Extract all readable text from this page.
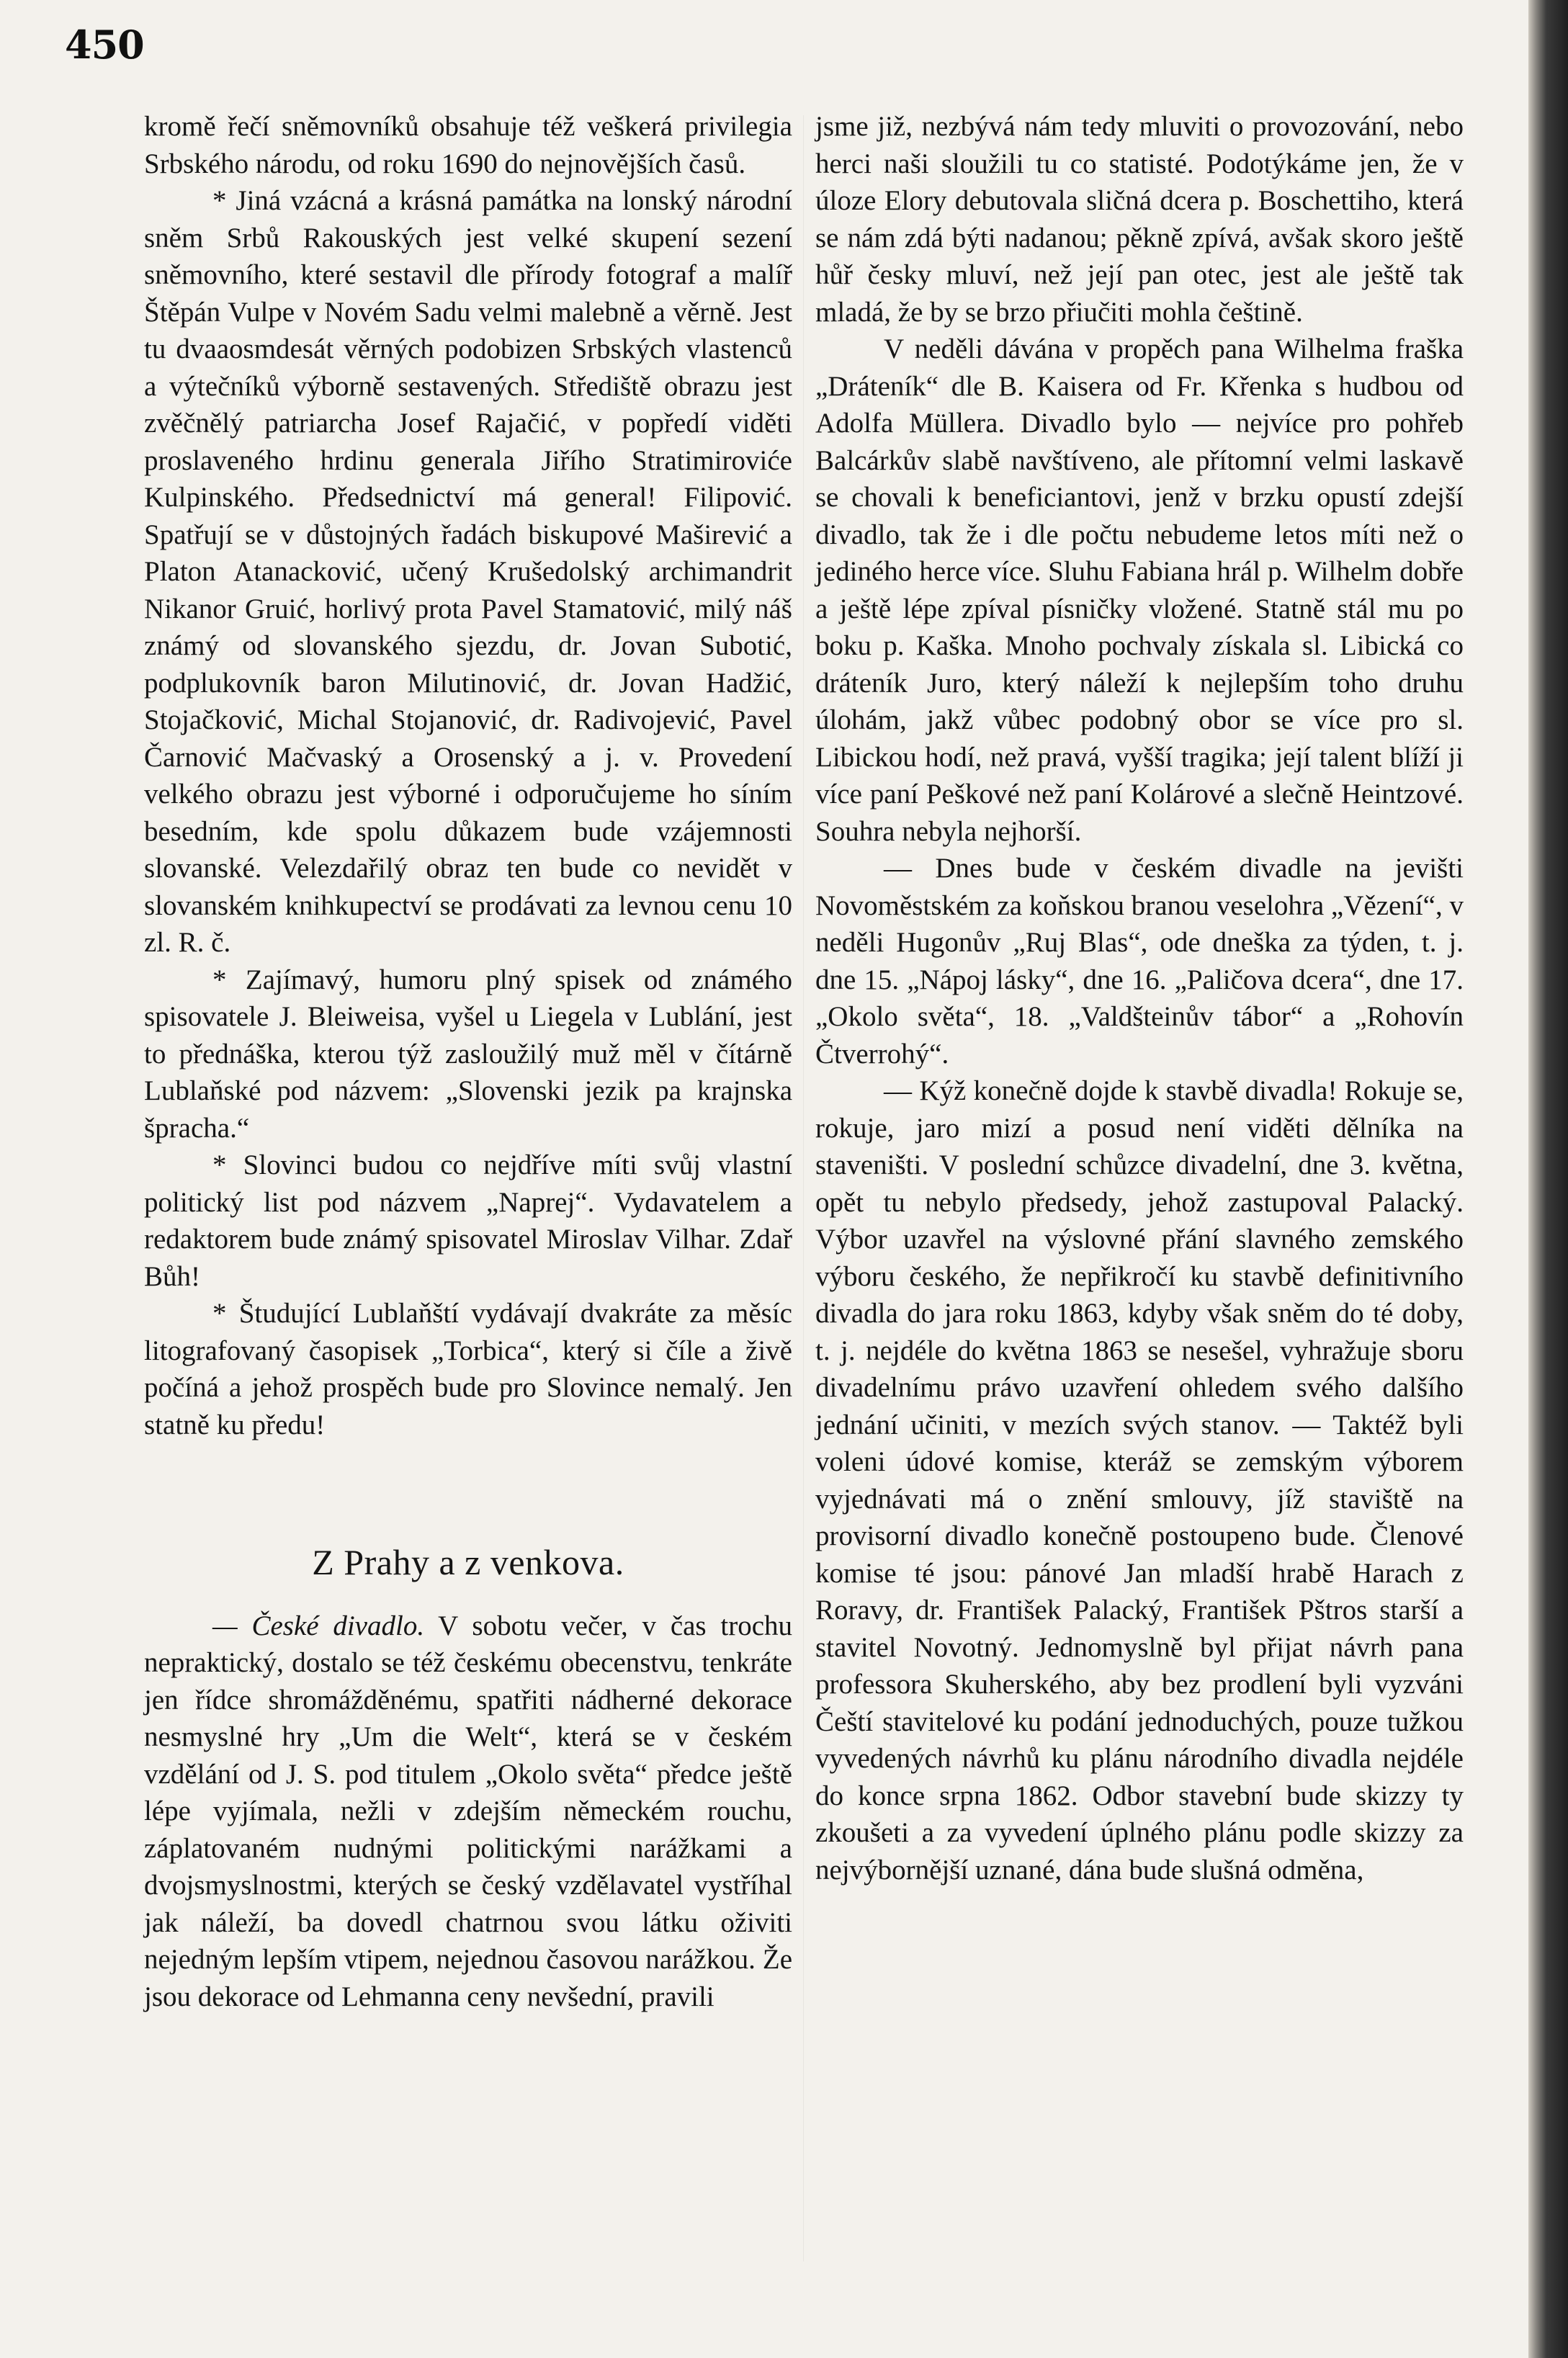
450

kromě řečí sněmovníků obsahuje též veškerá privilegia Srbského národu, od roku 1690 do nejnovějších časů.

* Jiná vzácná a krásná památka na lonský národní sněm Srbů Rakouských jest velké skupení sezení sněmovního, které sestavil dle přírody fotograf a malíř Štěpán Vulpe v Novém Sadu velmi malebně a věrně. Jest tu dvaaosmdesát věrných podobizen Srbských vlastenců a výtečníků výborně sestavených. Střediště obrazu jest zvěčnělý patriarcha Josef Rajačić, v popředí viděti proslaveného hrdinu generala Jiřího Stratimiroviće Kulpinského. Předsednictví má general! Filipović. Spatřují se v důstojných řadách biskupové Maširević a Platon Atanacković, učený Krušedolský archimandrit Nikanor Gruić, horlivý prota Pavel Stamatović, milý náš známý od slovanského sjezdu, dr. Jovan Subotić, podplukovník baron Milutinović, dr. Jovan Hadžić, Stojačković, Michal Stojanović, dr. Radivojević, Pavel Čarnović Mačvaský a Orosenský a j. v. Provedení velkého obrazu jest výborné i odporučujeme ho síním besedním, kde spolu důkazem bude vzájemnosti slovanské. Velezdařilý obraz ten bude co nevidět v slovanském knihkupectví se prodávati za levnou cenu 10 zl. R. č.

* Zajímavý, humoru plný spisek od známého spisovatele J. Bleiweisa, vyšel u Liegela v Lublání, jest to přednáška, kterou týž zasloužilý muž měl v čítárně Lublaňské pod názvem: „Slovenski jezik pa krajnska špracha.“

* Slovinci budou co nejdříve míti svůj vlastní politický list pod názvem „Naprej“. Vydavatelem a redaktorem bude známý spisovatel Miroslav Vilhar. Zdař Bůh!

* Študující Lublaňští vydávají dvakráte za měsíc litografovaný časopisek „Torbica“, který si číle a živě počíná a jehož prospěch bude pro Slovince nemalý. Jen statně ku předu!

Z Prahy a z venkova.

— České divadlo. V sobotu večer, v čas trochu nepraktický, dostalo se též českému obecenstvu, tenkráte jen řídce shromážděnému, spatřiti nádherné dekorace nesmyslné hry „Um die Welt“, která se v českém vzdělání od J. S. pod titulem „Okolo světa“ předce ještě lépe vyjímala, nežli v zdejším německém rouchu, záplatovaném nudnými politickými narážkami a dvojsmyslnostmi, kterých se český vzdělavatel vystříhal jak náleží, ba dovedl chatrnou svou látku oživiti nejedným lepším vtipem, nejednou časovou narážkou. Že jsou dekorace od Lehmanna ceny nevšední, pravili

jsme již, nezbývá nám tedy mluviti o provozování, nebo herci naši sloužili tu co statisté. Podotýkáme jen, že v úloze Elory debutovala sličná dcera p. Boschettiho, která se nám zdá býti nadanou; pěkně zpívá, avšak skoro ještě hůř česky mluví, než její pan otec, jest ale ještě tak mladá, že by se brzo přiučiti mohla češtině.

V neděli dávána v propěch pana Wilhelma fraška „Dráteník“ dle B. Kaisera od Fr. Křenka s hudbou od Adolfa Müllera. Divadlo bylo — nejvíce pro pohřeb Balcárkův slabě navštíveno, ale přítomní velmi laskavě se chovali k beneficiantovi, jenž v brzku opustí zdejší divadlo, tak že i dle počtu nebudeme letos míti než o jediného herce více. Sluhu Fabiana hrál p. Wilhelm dobře a ještě lépe zpíval písničky vložené. Statně stál mu po boku p. Kaška. Mnoho pochvaly získala sl. Libická co dráteník Juro, který náleží k nejlepším toho druhu úlohám, jakž vůbec podobný obor se více pro sl. Libickou hodí, než pravá, vyšší tragika; její talent blíží ji více paní Peškové než paní Kolárové a slečně Heintzové. Souhra nebyla nejhorší.

— Dnes bude v českém divadle na jevišti Novoměstském za koňskou branou veselohra „Vězení“, v neděli Hugonův „Ruj Blas“, ode dneška za týden, t. j. dne 15. „Nápoj lásky“, dne 16. „Paličova dcera“, dne 17. „Okolo světa“, 18. „Valdšteinův tábor“ a „Rohovín Čtverrohý“.

— Kýž konečně dojde k stavbě divadla! Rokuje se, rokuje, jaro mizí a posud není viděti dělníka na staveništi. V poslední schůzce divadelní, dne 3. května, opět tu nebylo předsedy, jehož zastupoval Palacký. Výbor uzavřel na výslovné přání slavného zemského výboru českého, že nepřikročí ku stavbě definitivního divadla do jara roku 1863, kdyby však sněm do té doby, t. j. nejdéle do května 1863 se nesešel, vyhražuje sboru divadelnímu právo uzavření ohledem svého dalšího jednání učiniti, v mezích svých stanov. — Taktéž byli voleni údové komise, kteráž se zemským výborem vyjednávati má o znění smlouvy, jíž staviště na provisorní divadlo konečně postoupeno bude. Členové komise té jsou: pánové Jan mladší hrabě Harach z Roravy, dr. František Palacký, František Pštros starší a stavitel Novotný. Jednomyslně byl přijat návrh pana professora Skuherského, aby bez prodlení byli vyzváni Čeští stavitelové ku podání jednoduchých, pouze tužkou vyvedených návrhů ku plánu národního divadla nejdéle do konce srpna 1862. Odbor stavební bude skizzy ty zkoušeti a za vyvedení úplného plánu podle skizzy za nejvýbornější uznané, dána bude slušná odměna,
